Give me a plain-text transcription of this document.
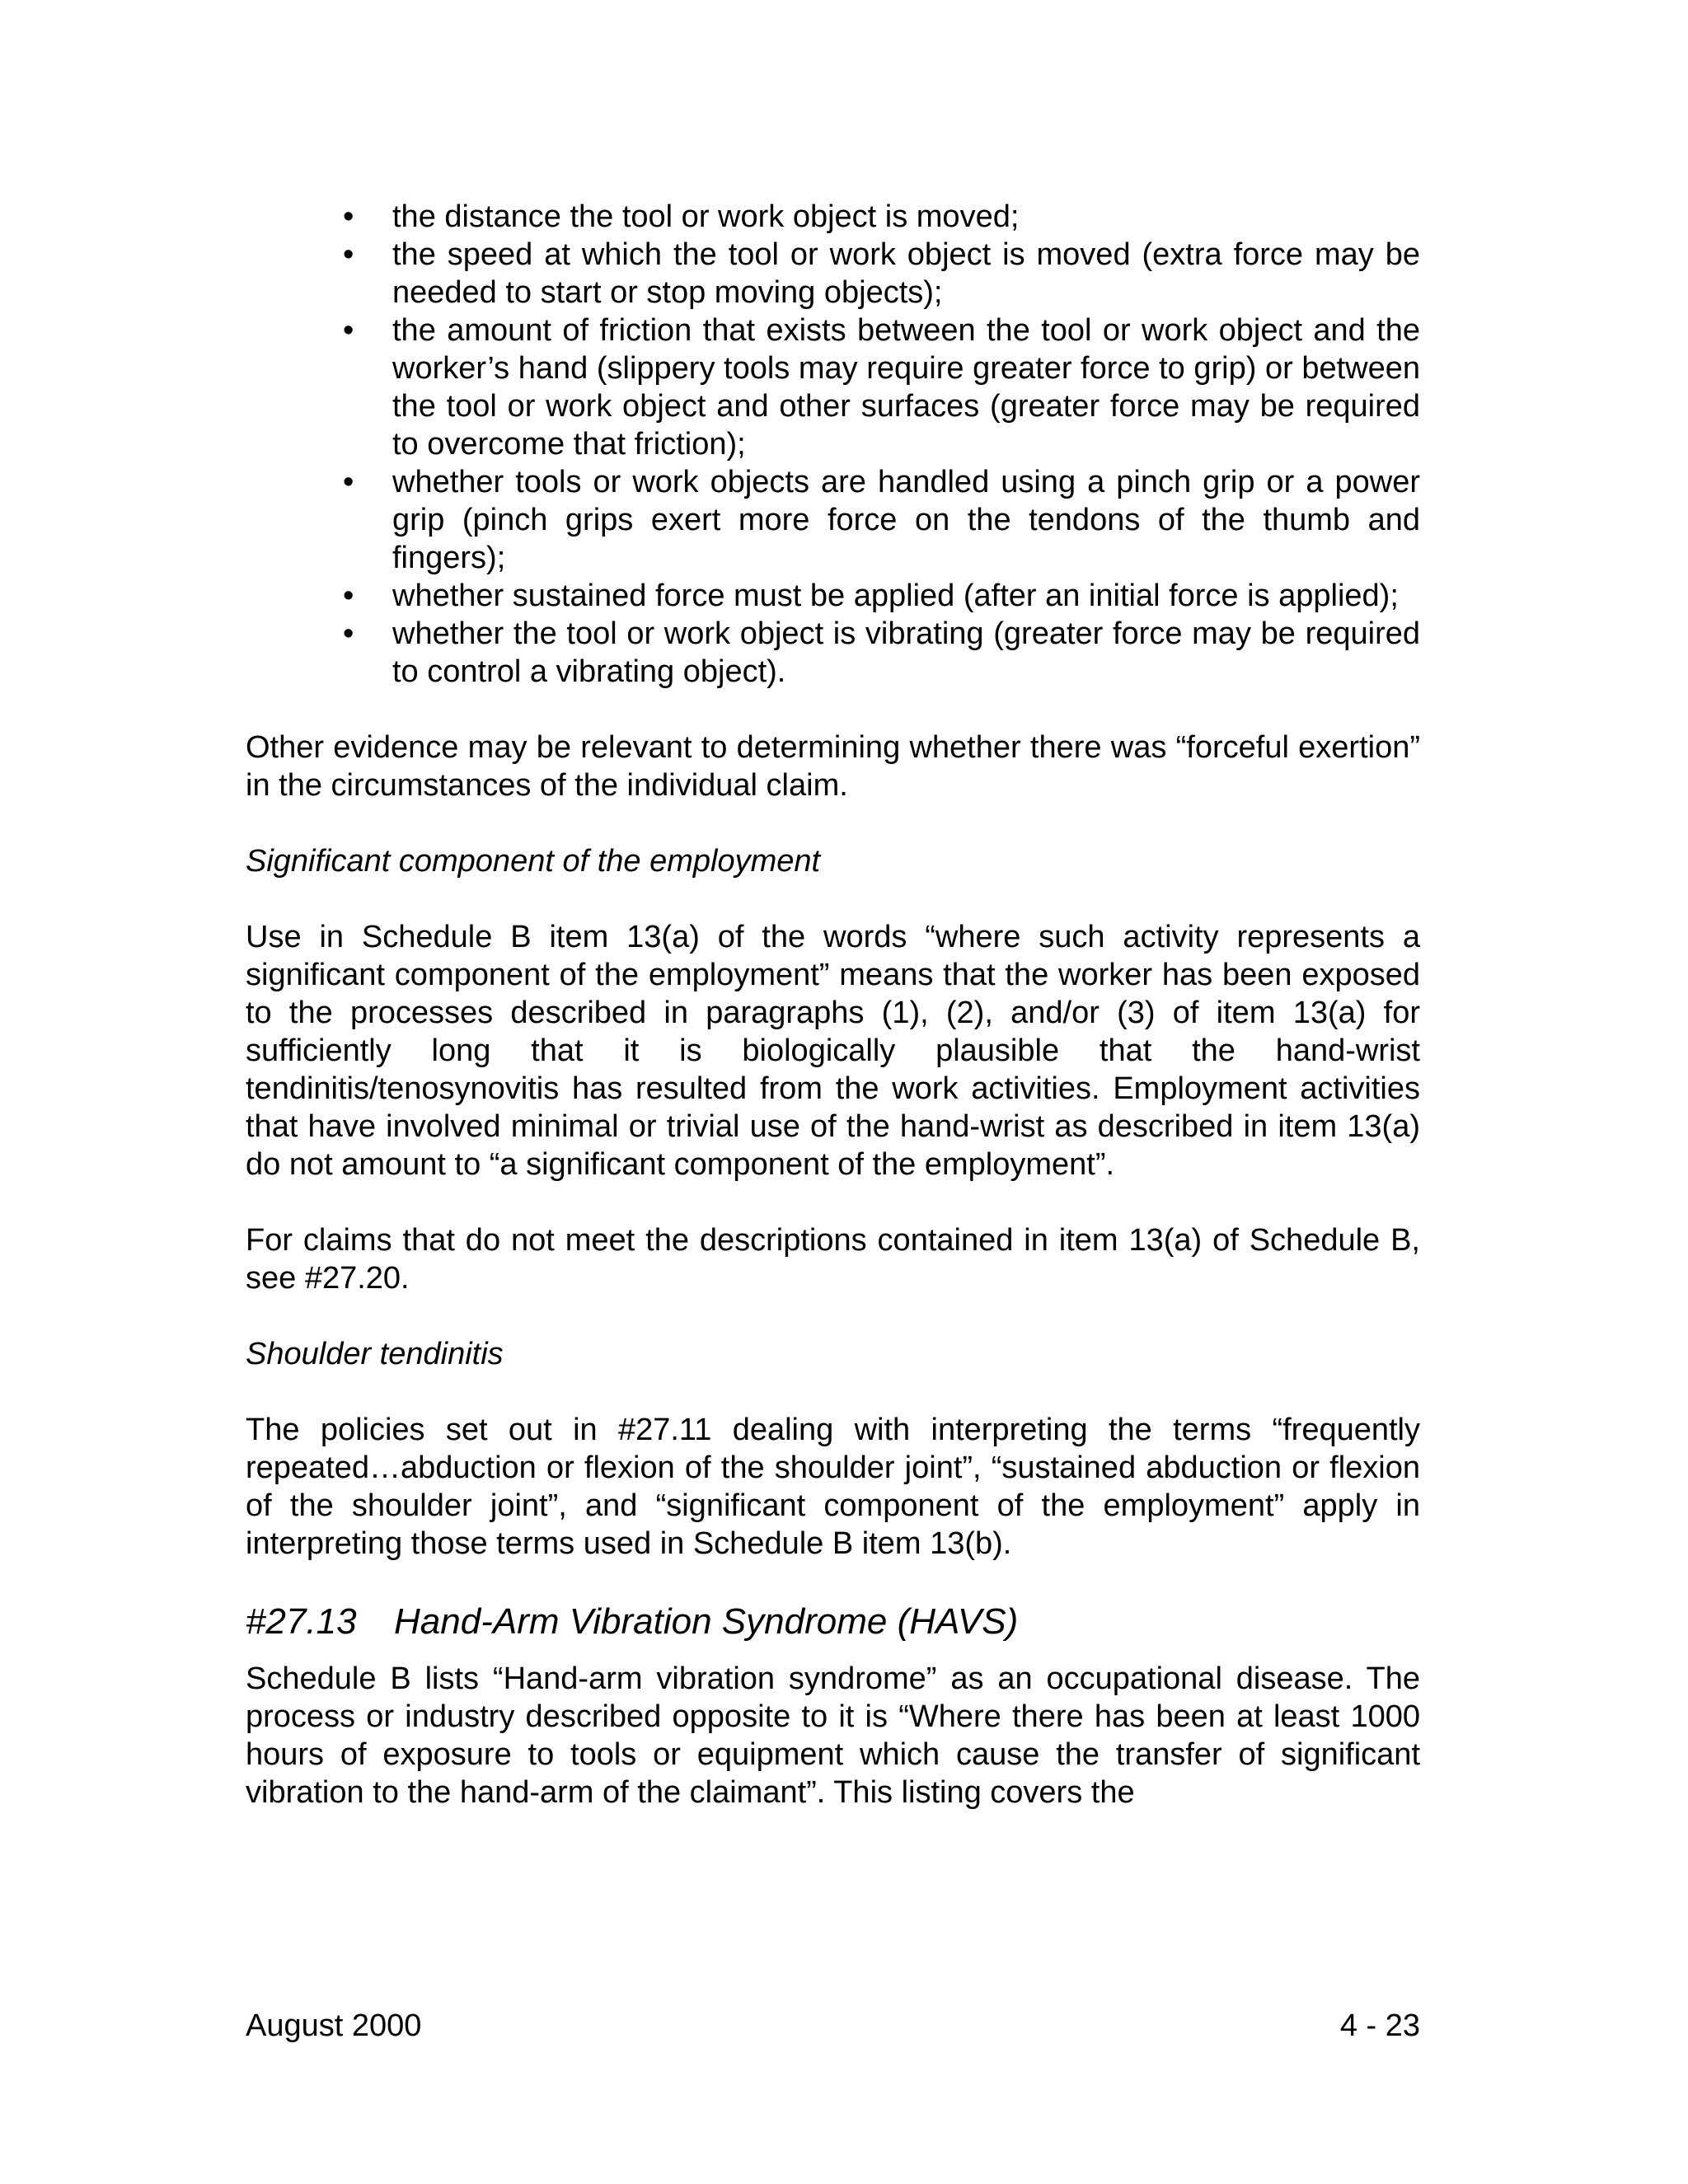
• the distance the tool or work object is moved;
• the speed at which the tool or work object is moved (extra force may be needed to start or stop moving objects);
• the amount of friction that exists between the tool or work object and the worker’s hand (slippery tools may require greater force to grip) or between the tool or work object and other surfaces (greater force may be required to overcome that friction);
• whether tools or work objects are handled using a pinch grip or a power grip (pinch grips exert more force on the tendons of the thumb and fingers);
• whether sustained force must be applied (after an initial force is applied);
• whether the tool or work object is vibrating (greater force may be required to control a vibrating object).

Other evidence may be relevant to determining whether there was “forceful exertion” in the circumstances of the individual claim.

Significant component of the employment

Use in Schedule B item 13(a) of the words “where such activity represents a significant component of the employment” means that the worker has been exposed to the processes described in paragraphs (1), (2), and/or (3) of item 13(a) for sufficiently long that it is biologically plausible that the hand-wrist tendinitis/tenosynovitis has resulted from the work activities. Employment activities that have involved minimal or trivial use of the hand-wrist as described in item 13(a) do not amount to “a significant component of the employment”.

For claims that do not meet the descriptions contained in item 13(a) of Schedule B, see #27.20.

Shoulder tendinitis

The policies set out in #27.11 dealing with interpreting the terms “frequently repeated…abduction or flexion of the shoulder joint”, “sustained abduction or flexion of the shoulder joint”, and “significant component of the employment” apply in interpreting those terms used in Schedule B item 13(b).

#27.13 Hand-Arm Vibration Syndrome (HAVS)

Schedule B lists “Hand-arm vibration syndrome” as an occupational disease. The process or industry described opposite to it is “Where there has been at least 1000 hours of exposure to tools or equipment which cause the transfer of significant vibration to the hand-arm of the claimant”. This listing covers the

August 2000	4 - 23
